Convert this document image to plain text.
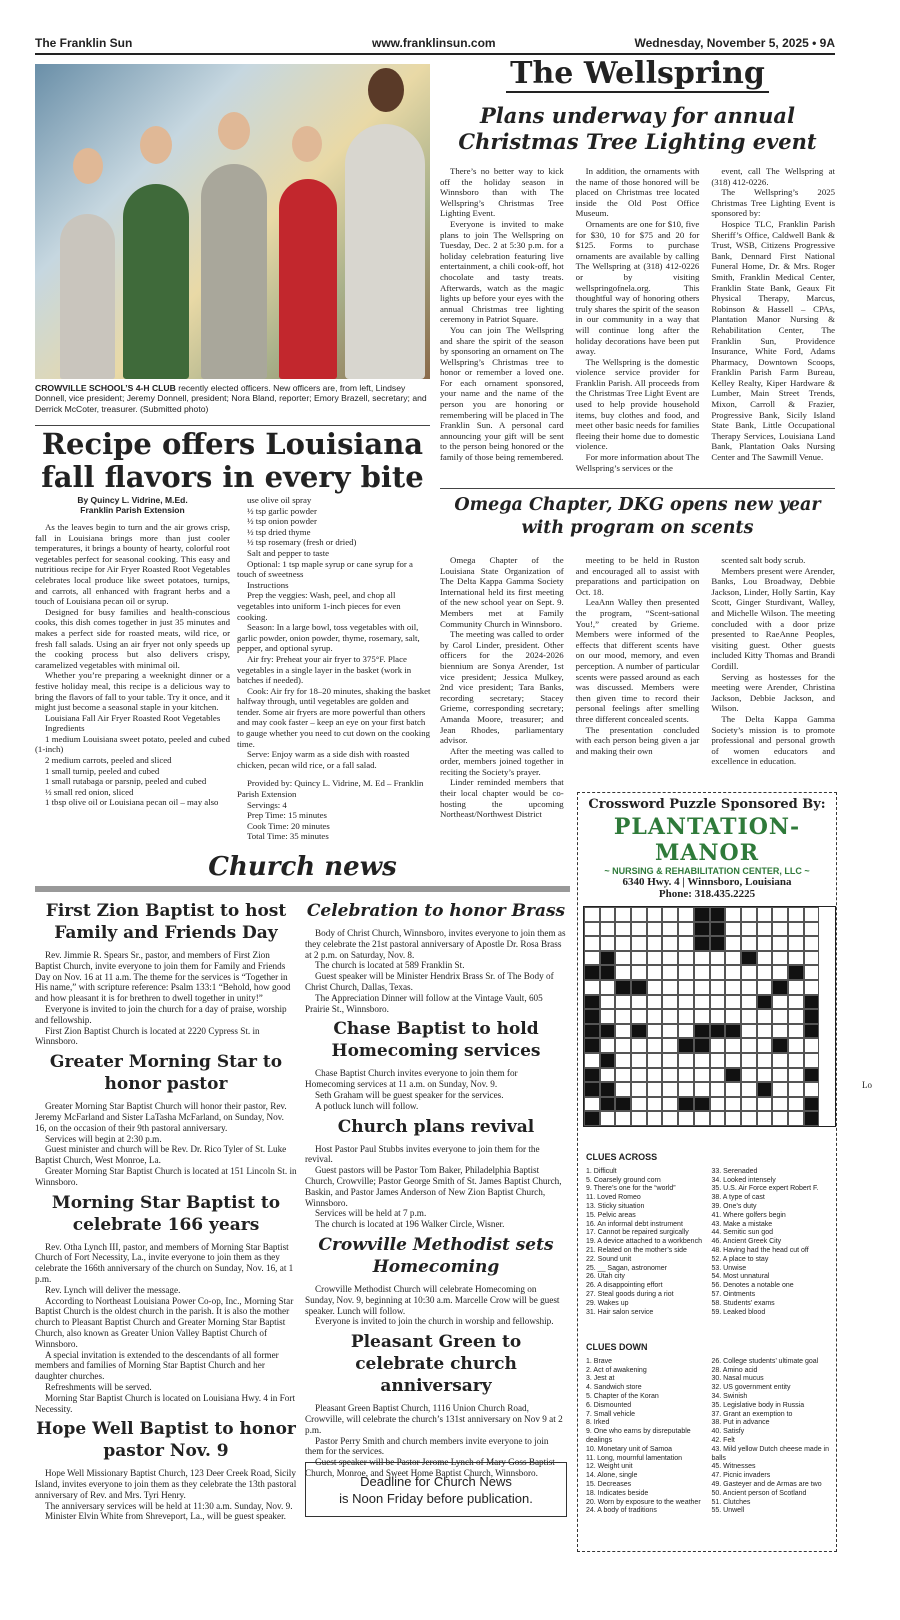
The Franklin Sun	www.franklinsun.com	Wednesday, November 5, 2025 • 9A
CROWVILLE SCHOOL’S 4-H CLUB recently elected officers. New officers are, from left, Lindsey Donnell, vice president; Jeremy Donnell, president; Nora Bland, reporter; Emory Brazell, secretary; and Derrick McCoter, treasurer. (Submitted photo)
The Wellspring
Plans underway for annual Christmas Tree Lighting event

There’s no better way to kick off the holiday season in Winnsboro than with The Wellspring’s Christmas Tree Lighting Event.

Everyone is invited to make plans to join The Wellspring on Tuesday, Dec. 2 at 5:30 p.m. for a holiday celebration featuring live entertainment, a chili cook-off, hot chocolate and tasty treats. Afterwards, watch as the magic lights up before your eyes with the annual Christmas tree lighting ceremony in Patriot Square.

You can join The Wellspring and share the spirit of the season by sponsoring an ornament on The Wellspring’s Christmas tree to honor or remember a loved one. For each ornament sponsored, your name and the name of the person you are honoring or remembering will be placed in The Franklin Sun. A personal card announcing your gift will be sent to the person being honored or the family of those being remembered.

In addition, the ornaments with the name of those honored will be placed on Christmas tree located inside the Old Post Office Museum.

Ornaments are one for $10, five for $30, 10 for $75 and 20 for $125. Forms to purchase ornaments are available by calling The Wellspring at (318) 412-0226 or by visiting wellspringofnela.org. This thoughtful way of honoring others truly shares the spirit of the season in our community in a way that will continue long after the holiday decorations have been put away.

The Wellspring is the domestic violence service provider for Franklin Parish. All proceeds from the Christmas Tree Light Event are used to help provide household items, buy clothes and food, and meet other basic needs for families fleeing their home due to domestic violence.

For more information about The Wellspring’s services or the

event, call The Wellspring at (318) 412-0226.

The Wellspring’s 2025 Christmas Tree Lighting Event is sponsored by:

Hospice TLC, Franklin Parish Sheriff’s Office, Caldwell Bank & Trust, WSB, Citizens Progressive Bank, Dennard First National Funeral Home, Dr. & Mrs. Roger Smith, Franklin Medical Center, Franklin State Bank, Geaux Fit Physical Therapy, Marcus, Robinson & Hassell – CPAs, Plantation Manor Nursing & Rehabilitation Center, The Franklin Sun, Providence Insurance, White Ford, Adams Pharmacy, Downtown Scoops, Franklin Parish Farm Bureau, Kelley Realty, Kiper Hardware & Lumber, Main Street Trends, Mixon, Carroll & Frazier, Progressive Bank, Sicily Island State Bank, Little Occupational Therapy Services, Louisiana Land Bank, Plantation Oaks Nursing Center and The Sawmill Venue.

Recipe offers Louisiana fall flavors in every bite
By Quincy L. Vidrine, M.Ed.
Franklin Parish Extension

As the leaves begin to turn and the air grows crisp, fall in Louisiana brings more than just cooler temperatures, it brings a bounty of hearty, colorful root vegetables perfect for seasonal cooking. This easy and nutritious recipe for Air Fryer Roasted Root Vegetables celebrates local produce like sweet potatoes, turnips, and carrots, all enhanced with fragrant herbs and a touch of Louisiana pecan oil or syrup.

Designed for busy families and health-conscious cooks, this dish comes together in just 35 minutes and makes a perfect side for roasted meats, wild rice, or fresh fall salads. Using an air fryer not only speeds up the cooking process but also delivers crispy, caramelized vegetables with minimal oil.

Whether you’re preparing a weeknight dinner or a festive holiday meal, this recipe is a delicious way to bring the flavors of fall to your table. Try it once, and it might just become a seasonal staple in your kitchen.

Louisiana Fall Air Fryer Roasted Root Vegetables

Ingredients

1 medium Louisiana sweet potato, peeled and cubed (1-inch)

2 medium carrots, peeled and sliced

1 small turnip, peeled and cubed

1 small rutabaga or parsnip, peeled and cubed

½ small red onion, sliced

1 tbsp olive oil or Louisiana pecan oil – may also

use olive oil spray

½ tsp garlic powder

½ tsp onion powder

½ tsp dried thyme

½ tsp rosemary (fresh or dried)

Salt and pepper to taste

Optional: 1 tsp maple syrup or cane syrup for a touch of sweetness

Instructions

Prep the veggies: Wash, peel, and chop all vegetables into uniform 1-inch pieces for even cooking.

Season: In a large bowl, toss vegetables with oil, garlic powder, onion powder, thyme, rosemary, salt, pepper, and optional syrup.

Air fry: Preheat your air fryer to 375°F. Place vegetables in a single layer in the basket (work in batches if needed).

Cook: Air fry for 18–20 minutes, shaking the basket halfway through, until vegetables are golden and tender. Some air fryers are more powerful than others and may cook faster – keep an eye on your first batch to gauge whether you need to cut down on the cooking time.

Serve: Enjoy warm as a side dish with roasted chicken, pecan wild rice, or a fall salad.

Provided by: Quincy L. Vidrine, M. Ed – Franklin Parish Extension

Servings: 4

Prep Time: 15 minutes

Cook Time: 20 minutes

Total Time: 35 minutes

Omega Chapter, DKG opens new year with program on scents

Omega Chapter of the Louisiana State Organization of The Delta Kappa Gamma Society International held its first meeting of the new school year on Sept. 9. Members met at Family Community Church in Winnsboro.

The meeting was called to order by Carol Linder, president. Other officers for the 2024-2026 biennium are Sonya Arender, 1st vice president; Jessica Mulkey, 2nd vice president; Tara Banks, recording secretary; Stacey Grieme, corresponding secretary; Amanda Moore, treasurer; and Jean Rhodes, parliamentary advisor.

After the meeting was called to order, members joined together in reciting the Society’s prayer.

Linder reminded members that their local chapter would be co-hosting the upcoming Northeast/Northwest District

meeting to be held in Ruston and encouraged all to assist with preparations and participation on Oct. 18.

LeaAnn Walley then presented the program, “Scent-sational You!,” created by Grieme. Members were informed of the effects that different scents have on our mood, memory, and even perception. A number of particular scents were passed around as each was discussed. Members were then given time to record their personal feelings after smelling three different concealed scents.

The presentation concluded with each person being given a jar and making their own

scented salt body scrub.

Members present were Arender, Banks, Lou Broadway, Debbie Jackson, Linder, Holly Sartin, Kay Scott, Ginger Sturdivant, Walley, and Michelle Wilson. The meeting concluded with a door prize presented to RaeAnne Peoples, visiting guest. Other guests included Kitty Thomas and Brandi Cordill.

Serving as hostesses for the meeting were Arender, Christina Jackson, Debbie Jackson, and Wilson.

The Delta Kappa Gamma Society’s mission is to promote professional and personal growth of women educators and excellence in education.

Church news
First Zion Baptist to host Family and Friends Day

Rev. Jimmie R. Spears Sr., pastor, and members of First Zion Baptist Church, invite everyone to join them for Family and Friends Day on Nov. 16 at 11 a.m. The theme for the services is “Together in His name,” with scripture reference: Psalm 133:1 “Behold, how good and how pleasant it is for brethren to dwell together in unity!”

Everyone is invited to join the church for a day of praise, worship and fellowship.

First Zion Baptist Church is located at 2220 Cypress St. in Winnsboro.

Greater Morning Star to honor pastor

Greater Morning Star Baptist Church will honor their pastor, Rev. Jeremy McFarland and Sister LaTasha McFarland, on Sunday, Nov. 16, on the occasion of their 9th pastoral anniversary.

Services will begin at 2:30 p.m.

Guest minister and church will be Rev. Dr. Rico Tyler of St. Luke Baptist Church, West Monroe, La.

Greater Morning Star Baptist Church is located at 151 Lincoln St. in Winnsboro.

Morning Star Baptist to celebrate 166 years

Rev. Otha Lynch III, pastor, and members of Morning Star Baptist Church of Fort Necessity, La., invite everyone to join them as they celebrate the 166th anniversary of the church on Sunday, Nov. 16, at 1 p.m.

Rev. Lynch will deliver the message.

According to Northeast Louisiana Power Co-op, Inc., Morning Star Baptist Church is the oldest church in the parish. It is also the mother church to Pleasant Baptist Church and Greater Morning Star Baptist Church, also known as Greater Union Valley Baptist Church of Winnsboro.

A special invitation is extended to the descendants of all former members and families of Morning Star Baptist Church and her daughter churches.

Refreshments will be served.

Morning Star Baptist Church is located on Louisiana Hwy. 4 in Fort Necessity.

Hope Well Baptist to honor pastor Nov. 9

Hope Well Missionary Baptist Church, 123 Deer Creek Road, Sicily Island, invites everyone to join them as they celebrate the 13th pastoral anniversary of Rev. and Mrs. Tyri Henry.

The anniversary services will be held at 11:30 a.m. Sunday, Nov. 9.

Minister Elvin White from Shreveport, La., will be guest speaker.

Celebration to honor Brass

Body of Christ Church, Winnsboro, invites everyone to join them as they celebrate the 21st pastoral anniversary of Apostle Dr. Rosa Brass at 2 p.m. on Saturday, Nov. 8.

The church is located at 589 Franklin St.

Guest speaker will be Minister Hendrix Brass Sr. of The Body of Christ Church, Dallas, Texas.

The Appreciation Dinner will follow at the Vintage Vault, 605 Prairie St., Winnsboro.

Chase Baptist to hold Homecoming services

Chase Baptist Church invites everyone to join them for Homecoming services at 11 a.m. on Sunday, Nov. 9.

Seth Graham will be guest speaker for the services.

A potluck lunch will follow.

Church plans revival

Host Pastor Paul Stubbs invites everyone to join them for the revival.

Guest pastors will be Pastor Tom Baker, Philadelphia Baptist Church, Crowville; Pastor George Smith of St. James Baptist Church, Baskin, and Pastor James Anderson of New Zion Baptist Church, Winnsboro.

Services will be held at 7 p.m.

The church is located at 196 Walker Circle, Wisner.

Crowville Methodist sets Homecoming

Crowville Methodist Church will celebrate Homecoming on Sunday, Nov. 9, beginning at 10:30 a.m. Marcelle Crow will be guest speaker. Lunch will follow.

Everyone is invited to join the church in worship and fellowship.

Pleasant Green to celebrate church anniversary

Pleasant Green Baptist Church, 1116 Union Church Road, Crowville, will celebrate the church’s 131st anniversary on Nov 9 at 2 p.m.

Pastor Perry Smith and church members invite everyone to join them for the services.

Guest speaker will be Pastor Jerome Lynch of Mary Goss Baptist Church, Monroe, and Sweet Home Baptist Church, Winnsboro.

Deadline for Church News
is Noon Friday before publication.
Crossword Puzzle Sponsored By:
PLANTATION-MANOR
~ NURSING & REHABILITATION CENTER, LLC ~
6340 Hwy. 4 | Winnsboro, Louisiana
Phone: 318.435.2225
CLUES ACROSS
1. Difficult
5. Coarsely ground corn
9. There’s one for the “world”
11. Loved Romeo
13. Sticky situation
15. Pelvic areas
16. An informal debt instrument
17. Cannot be repaired surgically
19. A device attached to a workbench
21. Related on the mother’s side
22. Sound unit
25. __ Sagan, astronomer
26. Utah city
26. A disappointing effort
27. Steal goods during a riot
29. Wakes up
31. Hair salon service
33. Serenaded
34. Looked intensely
35. U.S. Air Force expert Robert F.
38. A type of cast
39. One’s duty
41. Where golfers begin
43. Make a mistake
44. Semitic sun god
46. Ancient Greek City
48. Having had the head cut off
52. A place to stay
53. Unwise
54. Most unnatural
56. Denotes a notable one
57. Ointments
58. Students’ exams
59. Leaked blood
CLUES DOWN
1. Brave
2. Act of awakening
3. Jest at
4. Sandwich store
5. Chapter of the Koran
6. Dismounted
7. Small vehicle
8. Irked
9. One who earns by disreputable dealings
10. Monetary unit of Samoa
11. Long, mournful lamentation
12. Weight unit
14. Alone, single
15. Decreases
18. Indicates beside
20. Worn by exposure to the weather
24. A body of traditions
26. College students’ ultimate goal
28. Amino acid
30. Nasal mucus
32. US government entity
34. Swinish
35. Legislative body in Russia
37. Grant an exemption to
38. Put in advance
40. Satisfy
42. Felt
43. Mild yellow Dutch cheese made in balls
45. Witnesses
47. Picnic invaders
49. Gasteyer and de Armas are two
50. Ancient person of Scotland
51. Clutches
55. Unwell
Lo
